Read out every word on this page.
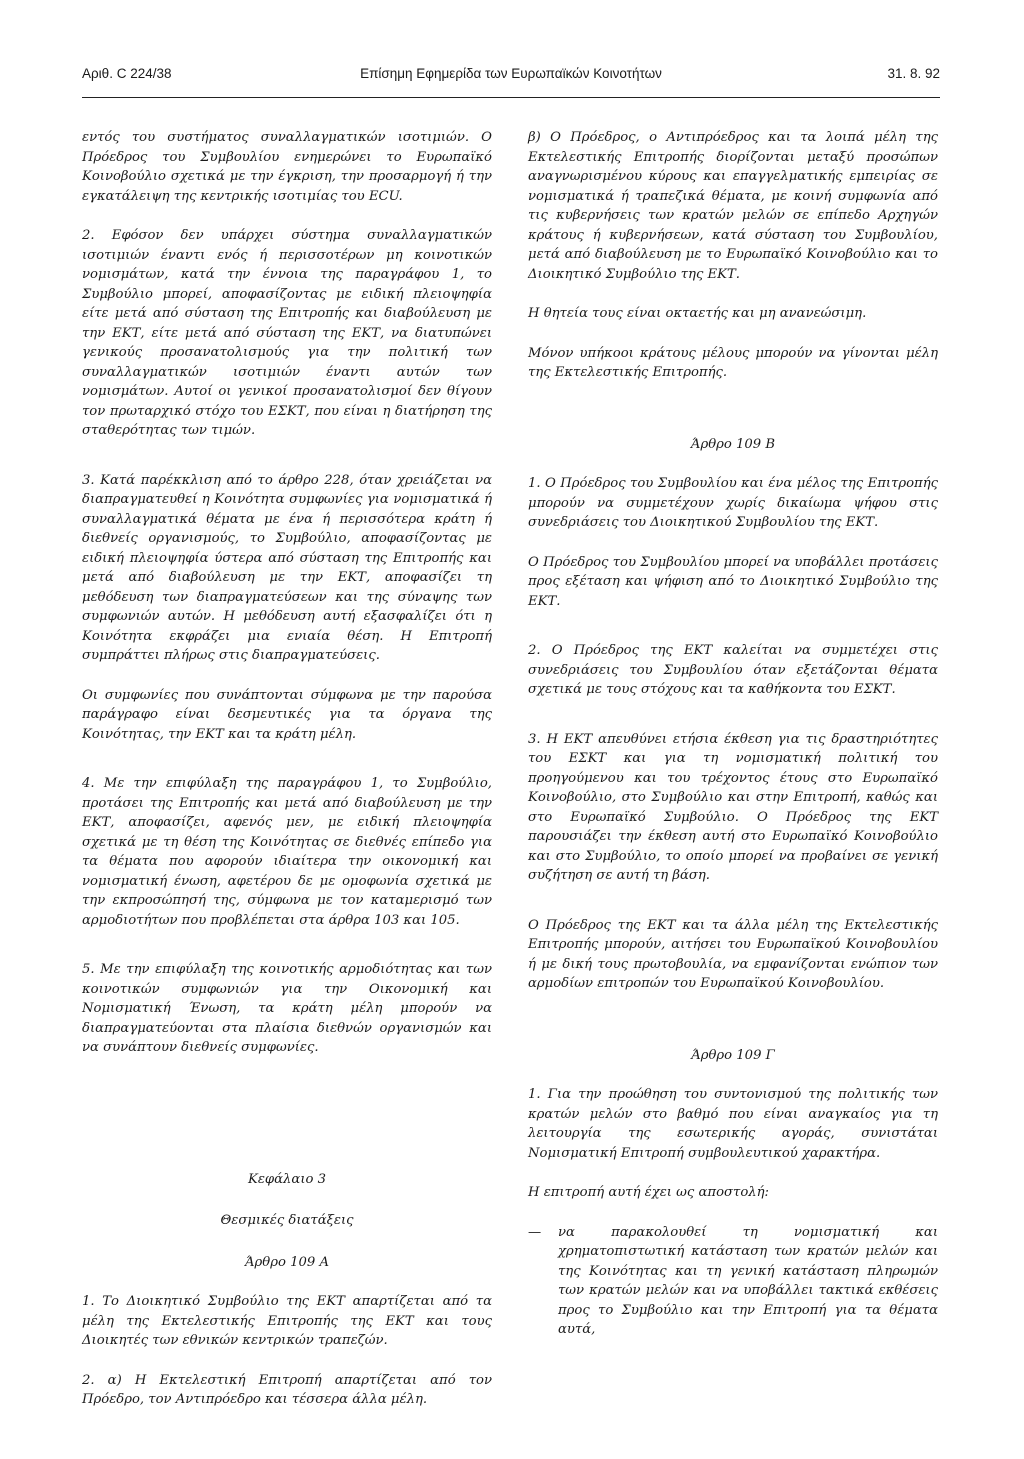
Αριθ. C 224/38	Επίσημη Εφημερίδα των Ευρωπαϊκών Κοινοτήτων	31. 8. 92

εντός του συστήματος συναλλαγματικών ισοτιμιών. Ο Πρόεδρος του Συμβουλίου ενημερώνει το Ευρωπαϊκό Κοινοβούλιο σχετικά με την έγκριση, την προσαρμογή ή την εγκατάλειψη της κεντρικής ισοτιμίας του ECU.

2. Εφόσον δεν υπάρχει σύστημα συναλλαγματικών ισοτιμιών έναντι ενός ή περισσοτέρων μη κοινοτικών νομισμάτων, κατά την έννοια της παραγράφου 1, το Συμβούλιο μπορεί, αποφασίζοντας με ειδική πλειοψηφία είτε μετά από σύσταση της Επιτροπής και διαβούλευση με την ΕΚΤ, είτε μετά από σύσταση της ΕΚΤ, να διατυπώνει γενικούς προσανατολισμούς για την πολιτική των συναλλαγματικών ισοτιμιών έναντι αυτών των νομισμάτων. Αυτοί οι γενικοί προσανατολισμοί δεν θίγουν τον πρωταρχικό στόχο του ΕΣΚΤ, που είναι η διατήρηση της σταθερότητας των τιμών.

3. Κατά παρέκκλιση από το άρθρο 228, όταν χρειάζεται να διαπραγματευθεί η Κοινότητα συμφωνίες για νομισματικά ή συναλλαγματικά θέματα με ένα ή περισσότερα κράτη ή διεθνείς οργανισμούς, το Συμβούλιο, αποφασίζοντας με ειδική πλειοψηφία ύστερα από σύσταση της Επιτροπής και μετά από διαβούλευση με την ΕΚΤ, αποφασίζει τη μεθόδευση των διαπραγματεύσεων και της σύναψης των συμφωνιών αυτών. Η μεθόδευση αυτή εξασφαλίζει ότι η Κοινότητα εκφράζει μια ενιαία θέση. Η Επιτροπή συμπράττει πλήρως στις διαπραγματεύσεις.

Οι συμφωνίες που συνάπτονται σύμφωνα με την παρούσα παράγραφο είναι δεσμευτικές για τα όργανα της Κοινότητας, την ΕΚΤ και τα κράτη μέλη.

4. Με την επιφύλαξη της παραγράφου 1, το Συμβούλιο, προτάσει της Επιτροπής και μετά από διαβούλευση με την ΕΚΤ, αποφασίζει, αφενός μεν, με ειδική πλειοψηφία σχετικά με τη θέση της Κοινότητας σε διεθνές επίπεδο για τα θέματα που αφορούν ιδιαίτερα την οικονομική και νομισματική ένωση, αφετέρου δε με ομοφωνία σχετικά με την εκπροσώπησή της, σύμφωνα με τον καταμερισμό των αρμοδιοτήτων που προβλέπεται στα άρθρα 103 και 105.

5. Με την επιφύλαξη της κοινοτικής αρμοδιότητας και των κοινοτικών συμφωνιών για την Οικονομική και Νομισματική Ένωση, τα κράτη μέλη μπορούν να διαπραγματεύονται στα πλαίσια διεθνών οργανισμών και να συνάπτουν διεθνείς συμφωνίες.

Κεφάλαιο 3

Θεσμικές διατάξεις

Άρθρο 109 Α

1. Το Διοικητικό Συμβούλιο της ΕΚΤ απαρτίζεται από τα μέλη της Εκτελεστικής Επιτροπής της ΕΚΤ και τους Διοικητές των εθνικών κεντρικών τραπεζών.

2. α) Η Εκτελεστική Επιτροπή απαρτίζεται από τον Πρόεδρο, τον Αντιπρόεδρο και τέσσερα άλλα μέλη.

β) Ο Πρόεδρος, ο Αντιπρόεδρος και τα λοιπά μέλη της Εκτελεστικής Επιτροπής διορίζονται μεταξύ προσώπων αναγνωρισμένου κύρους και επαγγελματικής εμπειρίας σε νομισματικά ή τραπεζικά θέματα, με κοινή συμφωνία από τις κυβερνήσεις των κρατών μελών σε επίπεδο Αρχηγών κράτους ή κυβερνήσεων, κατά σύσταση του Συμβουλίου, μετά από διαβούλευση με το Ευρωπαϊκό Κοινοβούλιο και το Διοικητικό Συμβούλιο της ΕΚΤ.

Η θητεία τους είναι οκταετής και μη ανανεώσιμη.

Μόνον υπήκοοι κράτους μέλους μπορούν να γίνονται μέλη της Εκτελεστικής Επιτροπής.

Άρθρο 109 Β

1. Ο Πρόεδρος του Συμβουλίου και ένα μέλος της Επιτροπής μπορούν να συμμετέχουν χωρίς δικαίωμα ψήφου στις συνεδριάσεις του Διοικητικού Συμβουλίου της ΕΚΤ.

Ο Πρόεδρος του Συμβουλίου μπορεί να υποβάλλει προτάσεις προς εξέταση και ψήφιση από το Διοικητικό Συμβούλιο της ΕΚΤ.

2. Ο Πρόεδρος της ΕΚΤ καλείται να συμμετέχει στις συνεδριάσεις του Συμβουλίου όταν εξετάζονται θέματα σχετικά με τους στόχους και τα καθήκοντα του ΕΣΚΤ.

3. Η ΕΚΤ απευθύνει ετήσια έκθεση για τις δραστηριότητες του ΕΣΚΤ και για τη νομισματική πολιτική του προηγούμενου και του τρέχοντος έτους στο Ευρωπαϊκό Κοινοβούλιο, στο Συμβούλιο και στην Επιτροπή, καθώς και στο Ευρωπαϊκό Συμβούλιο. Ο Πρόεδρος της ΕΚΤ παρουσιάζει την έκθεση αυτή στο Ευρωπαϊκό Κοινοβούλιο και στο Συμβούλιο, το οποίο μπορεί να προβαίνει σε γενική συζήτηση σε αυτή τη βάση.

Ο Πρόεδρος της ΕΚΤ και τα άλλα μέλη της Εκτελεστικής Επιτροπής μπορούν, αιτήσει του Ευρωπαϊκού Κοινοβουλίου ή με δική τους πρωτοβουλία, να εμφανίζονται ενώπιον των αρμοδίων επιτροπών του Ευρωπαϊκού Κοινοβουλίου.

Άρθρο 109 Γ

1. Για την προώθηση του συντονισμού της πολιτικής των κρατών μελών στο βαθμό που είναι αναγκαίος για τη λειτουργία της εσωτερικής αγοράς, συνιστάται Νομισματική Επιτροπή συμβουλευτικού χαρακτήρα.

Η επιτροπή αυτή έχει ως αποστολή:

—	να παρακολουθεί τη νομισματική και χρηματοπιστωτική κατάσταση των κρατών μελών και της Κοινότητας και τη γενική κατάσταση πληρωμών των κρατών μελών και να υποβάλλει τακτικά εκθέσεις προς το Συμβούλιο και την Επιτροπή για τα θέματα αυτά,
